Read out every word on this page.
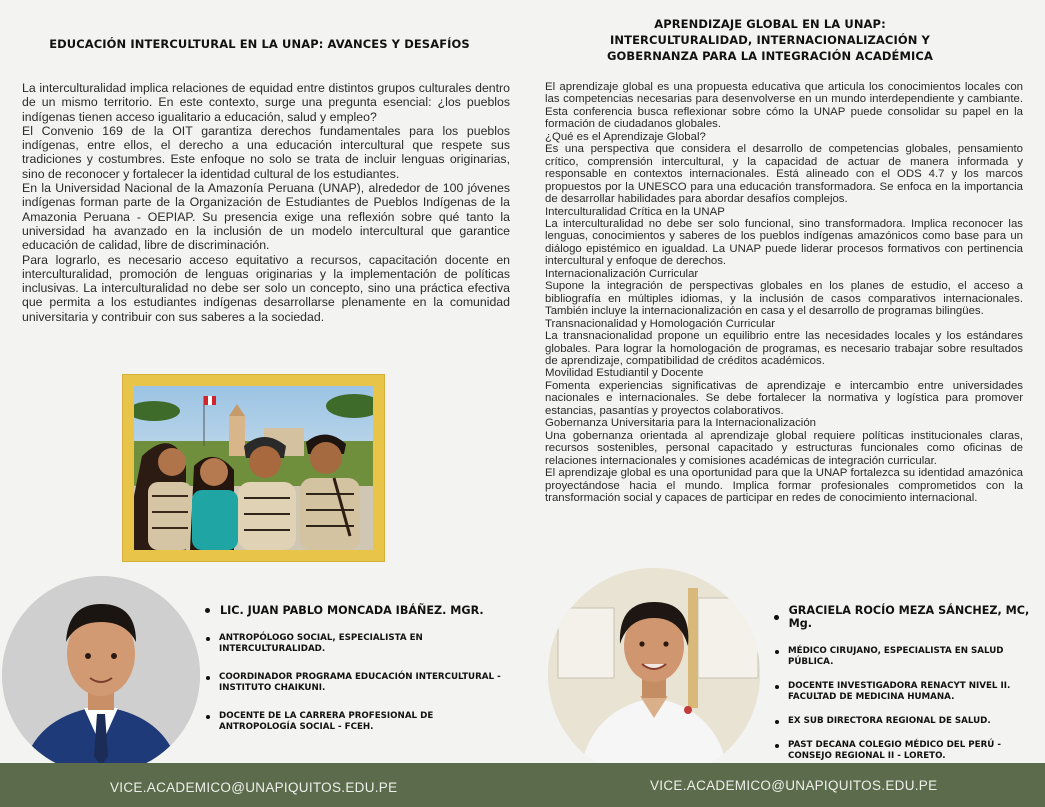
EDUCACIÓN INTERCULTURAL EN LA UNAP: AVANCES Y DESAFÍOS

La interculturalidad implica relaciones de equidad entre distintos grupos culturales dentro de un mismo territorio. En este contexto, surge una pregunta esencial: ¿los pueblos indígenas tienen acceso igualitario a educación, salud y empleo?

El Convenio 169 de la OIT garantiza derechos fundamentales para los pueblos indígenas, entre ellos, el derecho a una educación intercultural que respete sus tradiciones y costumbres. Este enfoque no solo se trata de incluir lenguas originarias, sino de reconocer y fortalecer la identidad cultural de los estudiantes.

En la Universidad Nacional de la Amazonía Peruana (UNAP), alrededor de 100 jóvenes indígenas forman parte de la Organización de Estudiantes de Pueblos Indígenas de la Amazonia Peruana - OEPIAP. Su presencia exige una reflexión sobre qué tanto la universidad ha avanzado en la inclusión de un modelo intercultural que garantice educación de calidad, libre de discriminación.

Para lograrlo, es necesario acceso equitativo a recursos, capacitación docente en interculturalidad, promoción de lenguas originarias y la implementación de políticas inclusivas. La interculturalidad no debe ser solo un concepto, sino una práctica efectiva que permita a los estudiantes indígenas desarrollarse plenamente en la comunidad universitaria y contribuir con sus saberes a la sociedad.

LIC. JUAN PABLO MONCADA IBÁÑEZ. MGR.
ANTROPÓLOGO SOCIAL, ESPECIALISTA EN INTERCULTURALIDAD.
COORDINADOR PROGRAMA EDUCACIÓN INTERCULTURAL - INSTITUTO CHAIKUNI.
DOCENTE DE LA CARRERA PROFESIONAL DE ANTROPOLOGÍA SOCIAL - FCEH.
APRENDIZAJE GLOBAL EN LA UNAP:
INTERCULTURALIDAD, INTERNACIONALIZACIÓN Y
GOBERNANZA PARA LA INTEGRACIÓN ACADÉMICA

El aprendizaje global es una propuesta educativa que articula los conocimientos locales con las competencias necesarias para desenvolverse en un mundo interdependiente y cambiante. Esta conferencia busca reflexionar sobre cómo la UNAP puede consolidar su papel en la formación de ciudadanos globales.

¿Qué es el Aprendizaje Global?

Es una perspectiva que considera el desarrollo de competencias globales, pensamiento crítico, comprensión intercultural, y la capacidad de actuar de manera informada y responsable en contextos internacionales. Está alineado con el ODS 4.7 y los marcos propuestos por la UNESCO para una educación transformadora. Se enfoca en la importancia de desarrollar habilidades para abordar desafíos complejos.

Interculturalidad Crítica en la UNAP

La interculturalidad no debe ser solo funcional, sino transformadora. Implica reconocer las lenguas, conocimientos y saberes de los pueblos indígenas amazónicos como base para un diálogo epistémico en igualdad. La UNAP puede liderar procesos formativos con pertinencia intercultural y enfoque de derechos.

Internacionalización Curricular

Supone la integración de perspectivas globales en los planes de estudio, el acceso a bibliografía en múltiples idiomas, y la inclusión de casos comparativos internacionales. También incluye la internacionalización en casa y el desarrollo de programas bilingües.

Transnacionalidad y Homologación Curricular

La transnacionalidad propone un equilibrio entre las necesidades locales y los estándares globales. Para lograr la homologación de programas, es necesario trabajar sobre resultados de aprendizaje, compatibilidad de créditos académicos.

Movilidad Estudiantil y Docente

Fomenta experiencias significativas de aprendizaje e intercambio entre universidades nacionales e internacionales. Se debe fortalecer la normativa y logística para promover estancias, pasantías y proyectos colaborativos.

Gobernanza Universitaria para la Internacionalización

Una gobernanza orientada al aprendizaje global requiere políticas institucionales claras, recursos sostenibles, personal capacitado y estructuras funcionales como oficinas de relaciones internacionales y comisiones académicas de integración curricular.

El aprendizaje global es una oportunidad para que la UNAP fortalezca su identidad amazónica proyectándose hacia el mundo. Implica formar profesionales comprometidos con la transformación social y capaces de participar en redes de conocimiento internacional.

GRACIELA ROCÍO MEZA SÁNCHEZ, MC, Mg.
MÉDICO CIRUJANO, ESPECIALISTA EN SALUD PÚBLICA.
DOCENTE INVESTIGADORA RENACYT NIVEL II. FACULTAD DE MEDICINA HUMANA.
EX SUB DIRECTORA REGIONAL DE SALUD.
PAST DECANA COLEGIO MÉDICO DEL PERÚ - CONSEJO REGIONAL II - LORETO.
VICE.ACADEMICO@UNAPIQUITOS.EDU.PE	VICE.ACADEMICO@UNAPIQUITOS.EDU.PE
